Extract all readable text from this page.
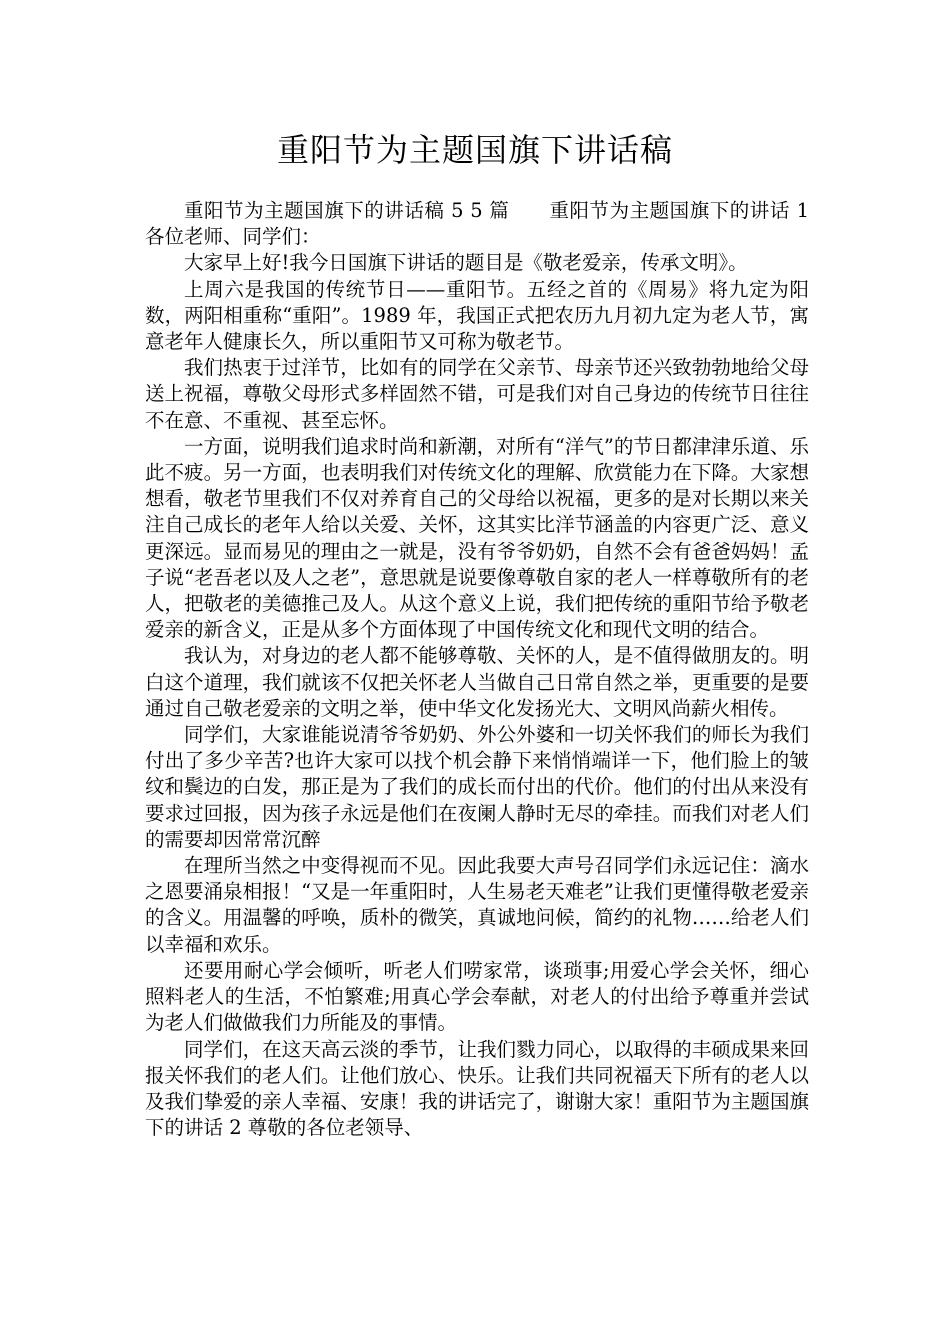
重阳节为主题国旗下讲话稿

重阳节为主题国旗下的讲话稿 5 5 篇　　重阳节为主题国旗下的讲话 1 各位老师、同学们：

大家早上好!我今日国旗下讲话的题目是《敬老爱亲，传承文明》。

上周六是我国的传统节日——重阳节。五经之首的《周易》将九定为阳数，两阳相重称“重阳”。1989 年，我国正式把农历九月初九定为老人节，寓意老年人健康长久，所以重阳节又可称为敬老节。

我们热衷于过洋节，比如有的同学在父亲节、母亲节还兴致勃勃地给父母送上祝福，尊敬父母形式多样固然不错，可是我们对自己身边的传统节日往往不在意、不重视、甚至忘怀。

一方面，说明我们追求时尚和新潮，对所有“洋气”的节日都津津乐道、乐此不疲。另一方面，也表明我们对传统文化的理解、欣赏能力在下降。大家想想看，敬老节里我们不仅对养育自己的父母给以祝福，更多的是对长期以来关注自己成长的老年人给以关爱、关怀，这其实比洋节涵盖的内容更广泛、意义更深远。显而易见的理由之一就是，没有爷爷奶奶，自然不会有爸爸妈妈！孟子说“老吾老以及人之老”，意思就是说要像尊敬自家的老人一样尊敬所有的老人，把敬老的美德推己及人。从这个意义上说，我们把传统的重阳节给予敬老爱亲的新含义，正是从多个方面体现了中国传统文化和现代文明的结合。

我认为，对身边的老人都不能够尊敬、关怀的人，是不值得做朋友的。明白这个道理，我们就该不仅把关怀老人当做自己日常自然之举，更重要的是要通过自己敬老爱亲的文明之举，使中华文化发扬光大、文明风尚薪火相传。

同学们，大家谁能说清爷爷奶奶、外公外婆和一切关怀我们的师长为我们付出了多少辛苦?也许大家可以找个机会静下来悄悄端详一下，他们脸上的皱纹和鬓边的白发，那正是为了我们的成长而付出的代价。他们的付出从来没有要求过回报，因为孩子永远是他们在夜阑人静时无尽的牵挂。而我们对老人们的需要却因常常沉醉

在理所当然之中变得视而不见。因此我要大声号召同学们永远记住：滴水之恩要涌泉相报！“又是一年重阳时，人生易老天难老”让我们更懂得敬老爱亲的含义。用温馨的呼唤，质朴的微笑，真诚地问候，简约的礼物……给老人们以幸福和欢乐。

还要用耐心学会倾听，听老人们唠家常，谈琐事;用爱心学会关怀，细心照料老人的生活，不怕繁难;用真心学会奉献，对老人的付出给予尊重并尝试为老人们做做我们力所能及的事情。

同学们，在这天高云淡的季节，让我们戮力同心，以取得的丰硕成果来回报关怀我们的老人们。让他们放心、快乐。让我们共同祝福天下所有的老人以及我们挚爱的亲人幸福、安康！我的讲话完了，谢谢大家！重阳节为主题国旗下的讲话 2 尊敬的各位老领导、
